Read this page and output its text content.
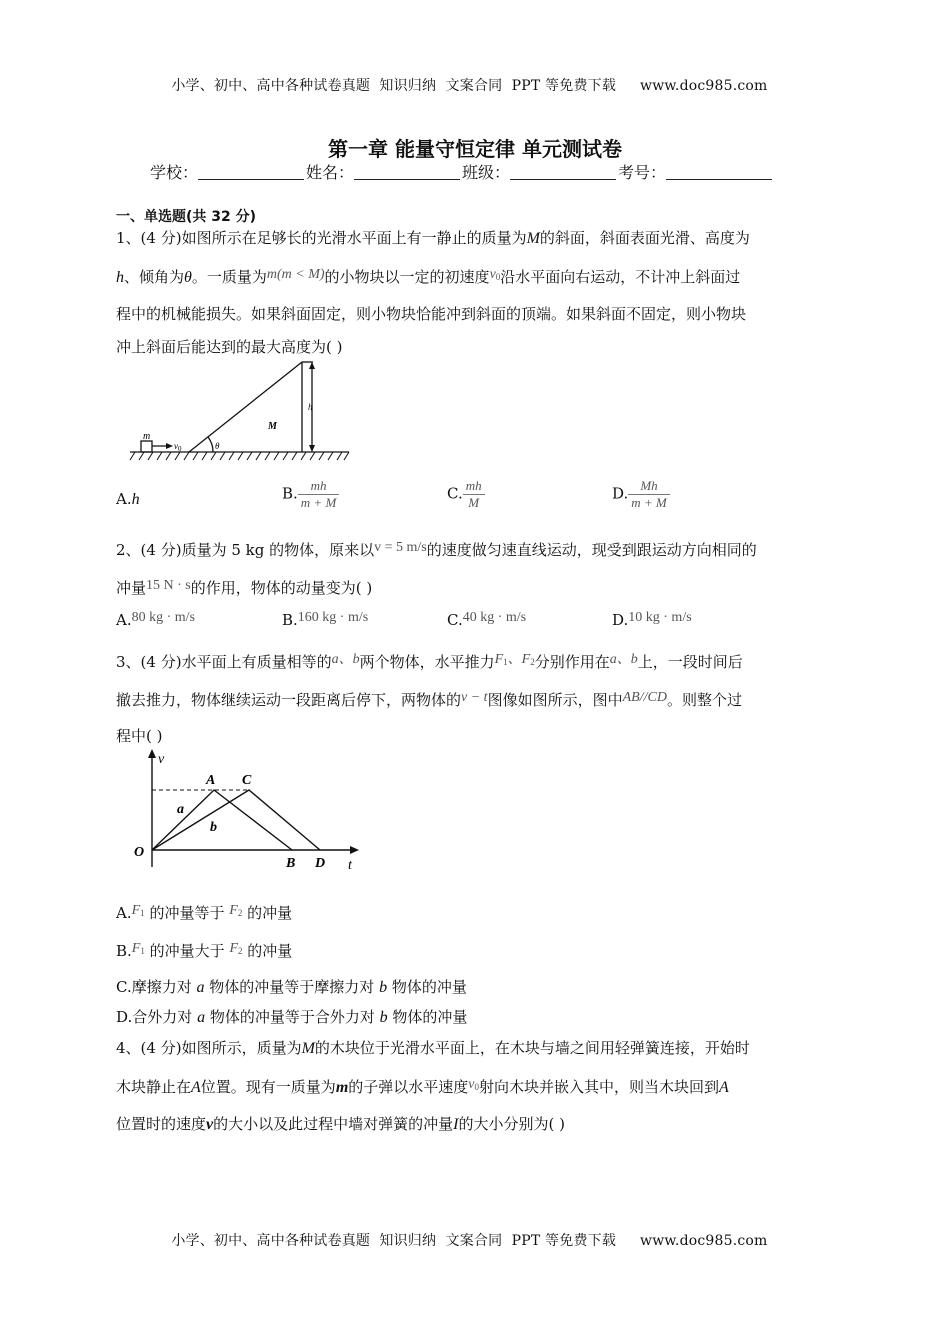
小学、初中、高中各种试卷真题  知识归纳  文案合同  PPT 等免费下载 www.doc985.com

第一章 能量守恒定律 单元测试卷
学校：	姓名：	班级：	考号：
一、单选题(共 32 分)
1、(4 分)如图所示在足够长的光滑水平面上有一静止的质量为M的斜面，斜面表面光滑、高度为
h、倾角为θ。一质量为m(m < M)的小物块以一定的初速度$v_0$沿水平面向右运动，不计冲上斜面过
程中的机械能损失。如果斜面固定，则小物块恰能冲到斜面的顶端。如果斜面不固定，则小物块
冲上斜面后能达到的最大高度为( )
m
$v_0$	θ
M
h
A.h	B. $\frac{mh}{m + M}$	C. $\frac{mh}{M}$	D. $\frac{Mh}{m + M}$
2、(4 分)质量为 5 kg 的物体，原来以v = 5 m/s的速度做匀速直线运动，现受到跟运动方向相同的
冲量15 N · s的作用，物体的动量变为( )
A.80 kg · m/s	B.160 kg · m/s	C.40 kg · m/s	D.10 kg · m/s
3、(4 分)水平面上有质量相等的a、b两个物体，水平推力$F_1$、$F_2$分别作用在a、b上，一段时间后
撤去推力，物体继续运动一段距离后停下，两物体的v − t图像如图所示，图中AB//CD。则整个过
程中( )
v
t
O
A C
B D
a
b
$A.F_1$ 的冲量等于 $F_2$ 的冲量
$B.F_1$ 的冲量大于 $F_2$ 的冲量
C.摩擦力对 a 物体的冲量等于摩擦力对 b 物体的冲量
D.合外力对 a 物体的冲量等于合外力对 b 物体的冲量
4、(4 分)如图所示，质量为M的木块位于光滑水平面上，在木块与墙之间用轻弹簧连接，开始时
木块静止在A位置。现有一质量为m的子弹以水平速度$v_0$射向木块并嵌入其中，则当木块回到A
位置时的速度v的大小以及此过程中墙对弹簧的冲量I的大小分别为( )

小学、初中、高中各种试卷真题  知识归纳  文案合同  PPT 等免费下载 www.doc985.com
